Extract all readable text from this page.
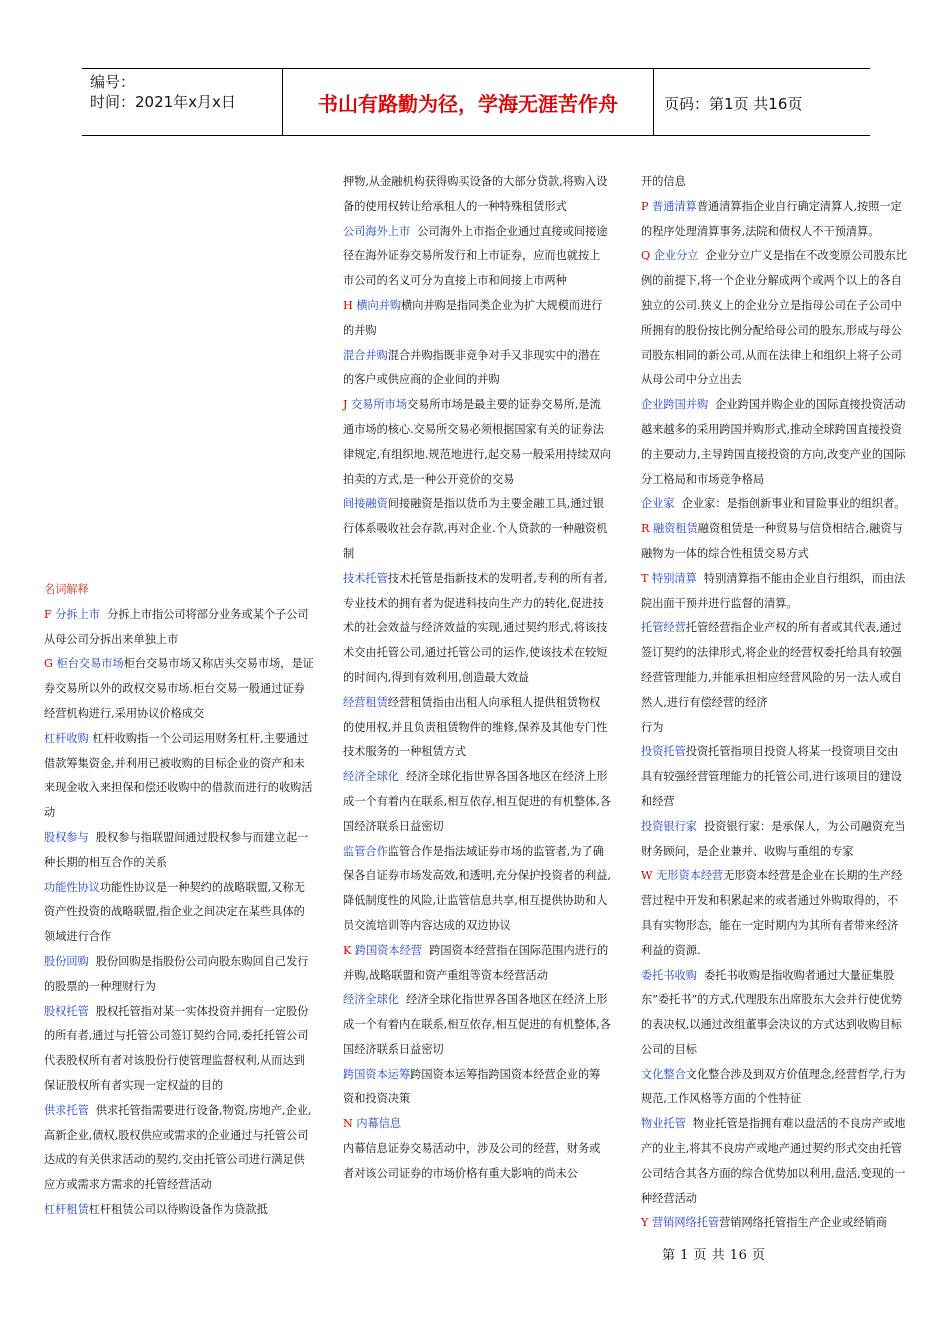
编号：
时间：2021年x月x日	书山有路勤为径，学海无涯苦作舟	页码：第1页 共16页

名词解释

F 分拆上市 分拆上市指公司将部分业务或某个子公司从母公司分拆出来单独上市

G 柜台交易市场柜台交易市场又称店头交易市场，是证券交易所以外的政权交易市场.柜台交易一般通过证券经营机构进行,采用协议价格成交

杠杆收购 杠杆收购指一个公司运用财务杠杆,主要通过借款筹集资金,并利用已被收购的目标企业的资产和未来现金收入来担保和偿还收购中的借款而进行的收购活动

股权参与 股权参与指联盟间通过股权参与而建立起一种长期的相互合作的关系

功能性协议功能性协议是一种契约的战略联盟,又称无资产性投资的战略联盟,指企业之间决定在某些具体的领域进行合作

股份回购 股份回购是指股份公司向股东购回自己发行的股票的一种理财行为

股权托管 股权托管指对某一实体投资并拥有一定股份的所有者,通过与托管公司签订契约合同,委托托管公司代表股权所有者对该股份行使管理监督权利,从而达到保证股权所有者实现一定权益的目的

供求托管 供求托管指需要进行设备,物资,房地产,企业,高新企业,债权,股权供应或需求的企业通过与托管公司达成的有关供求活动的契约,交由托管公司进行满足供应方或需求方需求的托管经营活动

杠杆租赁杠杆租赁公司以待购设备作为贷款抵

押物,从金融机构获得购买设备的大部分贷款,将购入设备的使用权转让给承租人的一种特殊租赁形式

公司海外上市 公司海外上市指企业通过直接或间接途径在海外证券交易所发行和上市证券，应而也就按上市公司的名义可分为直接上市和间接上市两种

H 横向并购横向并购是指同类企业为扩大规模而进行的并购

混合并购混合并购指既非竞争对手又非现实中的潜在的客户或供应商的企业间的并购

J 交易所市场交易所市场是最主要的证券交易所,是流通市场的核心.交易所交易必须根据国家有关的证券法律规定,有组织地.规范地进行,起交易一般采用持续双向拍卖的方式,是一种公开竞价的交易

间接融资间接融资是指以货币为主要金融工具,通过银行体系吸收社会存款,再对企业.个人贷款的一种融资机制

技术托管技术托管是指新技术的发明者,专利的所有者,专业技术的拥有者为促进科技向生产力的转化,促进技术的社会效益与经济效益的实现,通过契约形式,将该技术交由托管公司,通过托管公司的运作,使该技术在较短的时间内,得到有效利用,创造最大效益

经营租赁经营租赁指由出租人向承租人提供租赁物权的使用权,并且负责租赁物件的维修,保养及其他专门性技术服务的一种租赁方式

经济全球化 经济全球化指世界各国各地区在经济上形成一个有着内在联系,相互依存,相互促进的有机整体,各国经济联系日益密切

监管合作监管合作是指法域证券市场的监管者,为了确保各自证券市场发高效,和透明,充分保护投资者的利益,降低制度性的风险,让监管信息共享,相互提供协助和人员交流培训等内容达成的双边协议

K 跨国资本经营 跨国资本经营指在国际范围内进行的并购,战略联盟和资产重组等资本经营活动

经济全球化 经济全球化指世界各国各地区在经济上形成一个有着内在联系,相互依存,相互促进的有机整体,各国经济联系日益密切

跨国资本运筹跨国资本运筹指跨国资本经营企业的筹资和投资决策

N 内幕信息

内幕信息证券交易活动中，涉及公司的经营，财务或者对该公司证券的市场价格有重大影响的尚未公

开的信息

P 普通清算普通清算指企业自行确定清算人,按照一定的程序处理清算事务,法院和债权人不干预清算。

Q 企业分立 企业分立广义是指在不改变原公司股东比例的前提下,将一个企业分解成两个或两个以上的各自独立的公司.狭义上的企业分立是指母公司在子公司中所拥有的股份按比例分配给母公司的股东,形成与母公司股东相同的新公司,从而在法律上和组织上将子公司从母公司中分立出去

企业跨国并购 企业跨国并购企业的国际直接投资活动越来越多的采用跨国并购形式,推动全球跨国直接投资的主要动力,主导跨国直接投资的方向,改变产业的国际分工格局和市场竞争格局

企业家 企业家：是指创新事业和冒险事业的组织者。

R 融资租赁融资租赁是一种贸易与信贷相结合,融资与融物为一体的综合性租赁交易方式

T 特别清算 特别清算指不能由企业自行组织，而由法院出面干预并进行监督的清算。

托管经营托管经营指企业产权的所有者或其代表,通过签订契约的法律形式,将企业的经营权委托给具有较强经营管理能力,并能承担相应经营风险的另一法人或自然人,进行有偿经营的经济

行为

投资托管投资托管指项目投资人将某一投资项目交由具有较强经营管理能力的托管公司,进行该项目的建设和经营

投资银行家 投资银行家：是承保人，为公司融资充当财务顾问，是企业兼并、收购与重组的专家

W 无形资本经营无形资本经营是企业在长期的生产经营过程中开发和积累起来的或者通过外购取得的，不具有实物形态，能在一定时期内为其所有者带来经济利益的资源.

委托书收购 委托书收购是指收购者通过大量征集股东”委托书”的方式,代理股东出席股东大会并行使优势的表决权,以通过改组董事会决议的方式达到收购目标公司的目标

文化整合文化整合涉及到双方价值理念,经营哲学,行为规范,工作风格等方面的个性特征

物业托管 物业托管是指拥有难以盘活的不良房产或地产的业主,将其不良房产或地产通过契约形式交由托管公司结合其各方面的综合优势加以利用,盘活,变现的一种经营活动

Y 营销网络托管营销网络托管指生产企业或经销商

第 1 页 共 16 页
